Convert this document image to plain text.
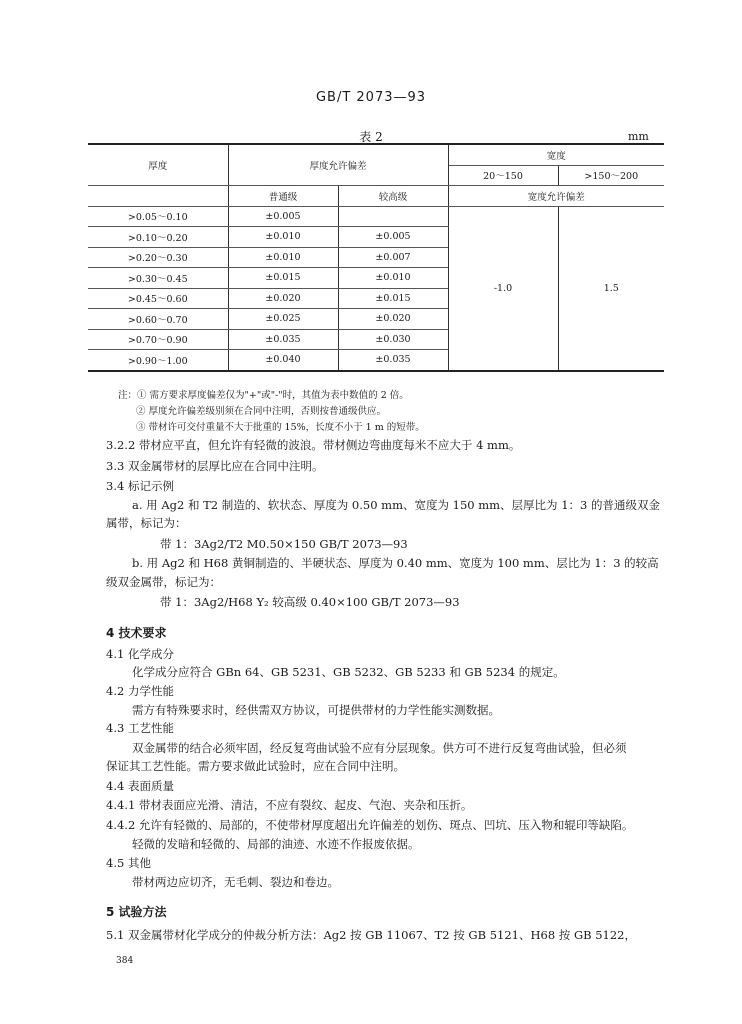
GB/T 2073—93
表 2	mm
厚度	厚度允许偏差		宽度	
			20～150	>150～200
	普通级	较高级	宽度允许偏差	
>0.05～0.10	±0.005		-1.0	1.5
>0.10～0.20	±0.010	±0.005		
>0.20～0.30	±0.010	±0.007		
>0.30～0.45	±0.015	±0.010		
>0.45～0.60	±0.020	±0.015		
>0.60～0.70	±0.025	±0.020		
>0.70～0.90	±0.035	±0.030		
>0.90～1.00	±0.040	±0.035		
注：① 需方要求厚度偏差仅为"+"或"-"时，其值为表中数值的 2 倍。
② 厚度允许偏差级别须在合同中注明，否则按普通级供应。
③ 带材许可交付重量不大于批重的 15%，长度不小于 1 m 的短带。
3.2.2 带材应平直，但允许有轻微的波浪。带材侧边弯曲度每米不应大于 4 mm。
3.3 双金属带材的层厚比应在合同中注明。
3.4 标记示例
a. 用 Ag2 和 T2 制造的、软状态、厚度为 0.50 mm、宽度为 150 mm、层厚比为 1：3 的普通级双金
属带，标记为：
带 1：3Ag2/T2 M0.50×150 GB/T 2073—93
b. 用 Ag2 和 H68 黄铜制造的、半硬状态、厚度为 0.40 mm、宽度为 100 mm、层比为 1：3 的较高
级双金属带，标记为：
带 1：3Ag2/H68 Y₂ 较高级 0.40×100 GB/T 2073—93
4 技术要求
4.1 化学成分
化学成分应符合 GBn 64、GB 5231、GB 5232、GB 5233 和 GB 5234 的规定。
4.2 力学性能
需方有特殊要求时，经供需双方协议，可提供带材的力学性能实测数据。
4.3 工艺性能
双金属带的结合必须牢固，经反复弯曲试验不应有分层现象。供方可不进行反复弯曲试验，但必须
保证其工艺性能。需方要求做此试验时，应在合同中注明。
4.4 表面质量
4.4.1 带材表面应光滑、清洁，不应有裂纹、起皮、气泡、夹杂和压折。
4.4.2 允许有轻微的、局部的，不使带材厚度超出允许偏差的划伤、斑点、凹坑、压入物和辊印等缺陷。
轻微的发暗和轻微的、局部的油迹、水迹不作报废依据。
4.5 其他
带材两边应切齐，无毛刺、裂边和卷边。
5 试验方法
5.1 双金属带材化学成分的仲裁分析方法：Ag2 按 GB 11067、T2 按 GB 5121、H68 按 GB 5122，
384
